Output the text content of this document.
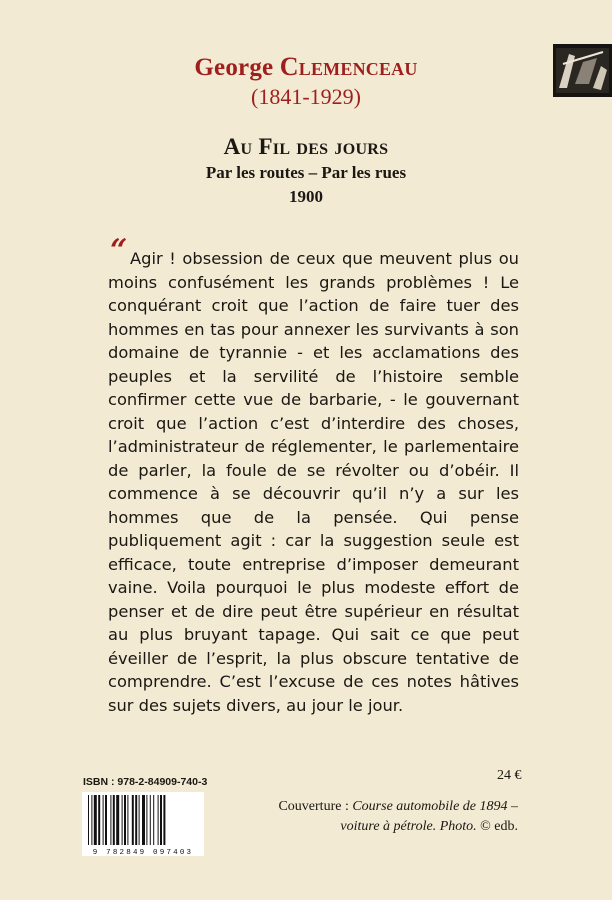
George Clemenceau
(1841-1929)
Au Fil des jours
Par les routes – Par les rues
1900
“ Agir ! obsession de ceux que meuvent plus ou moins confusément les grands problèmes ! Le conquérant croit que l’action de faire tuer des hommes en tas pour annexer les survivants à son domaine de tyrannie - et les acclamations des peuples et la servilité de l’histoire semble confirmer cette vue de barbarie, - le gouvernant croit que l’action c’est d’interdire des choses, l’administrateur de réglementer, le parlementaire de parler, la foule de se révolter ou d’obéir. Il commence à se découvrir qu’il n’y a sur les hommes que de la pensée. Qui pense publiquement agit : car la suggestion seule est efficace, toute entreprise d’imposer demeurant vaine. Voila pourquoi le plus modeste effort de penser et de dire peut être supérieur en résultat au plus bruyant tapage. Qui sait ce que peut éveiller de l’esprit, la plus obscure tentative de comprendre. C’est l’excuse de ces notes hâtives sur des sujets divers, au jour le jour.
ISBN : 978-2-84909-740-3
9 782849 097403
24 €
Couverture : Course automobile de 1894 –
voiture à pétrole. Photo. © edb.
